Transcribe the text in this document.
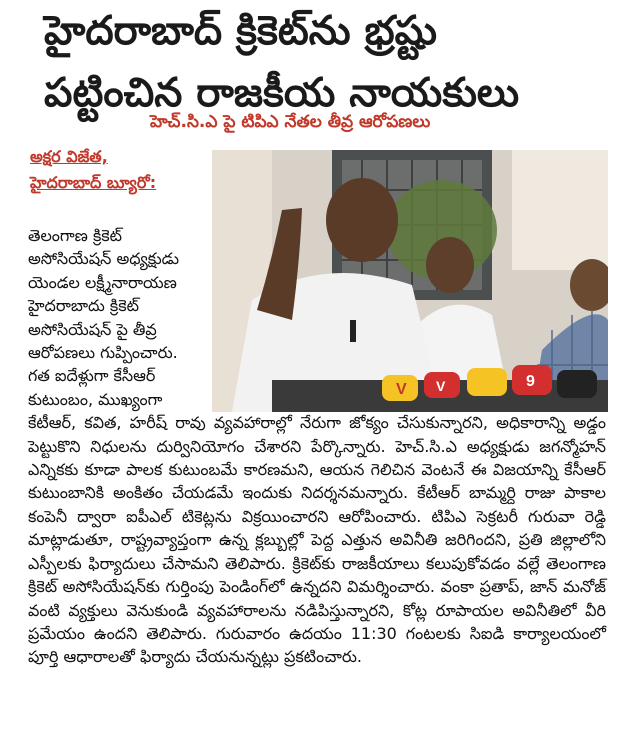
హైదరాబాద్ క్రికెట్‌ను భ్రష్టు
పట్టించిన రాజకీయ నాయకులు
హెచ్.సి.ఎ పై టిపిఎ నేతల తీవ్ర ఆరోపణలు
అక్షర విజేత,
హైదరాబాద్ బ్యూరో:
V V	9

తెలంగాణ క్రికెట్

అసోసియేషన్ అధ్యక్షుడు

యెండల లక్ష్మీనారాయణ

హైదరాబాదు క్రికెట్

అసోసియేషన్ పై తీవ్ర

ఆరోపణలు గుప్పించారు.

గత ఐదేళ్లుగా కేసీఆర్

కుటుంబం, ముఖ్యంగా

కేటీఆర్, కవిత, హరీష్ రావు వ్యవహారాల్లో నేరుగా జోక్యం చేసుకున్నారని, అధికారాన్ని అడ్డం పెట్టుకొని నిధులను దుర్వినియోగం చేశారని పేర్కొన్నారు. హెచ్.సి.ఎ అధ్యక్షుడు జగన్మోహన్ ఎన్నికకు కూడా పాలక కుటుంబమే కారణమని, ఆయన గెలిచిన వెంటనే ఈ విజయాన్ని కేసీఆర్ కుటుంబానికి అంకితం చేయడమే ఇందుకు నిదర్శనమన్నారు. కేటీఆర్ బామ్మర్ది రాజు పాకాల కంపెనీ ద్వారా ఐపీఎల్ టికెట్లను విక్రయించారని ఆరోపించారు. టిపిఎ సెక్రటరీ గురువా రెడ్డి మాట్లాడుతూ, రాష్ట్రవ్యాప్తంగా ఉన్న క్లబ్బుల్లో పెద్ద ఎత్తున అవినీతి జరిగిందని, ప్రతి జిల్లాలోని ఎస్పీలకు ఫిర్యాదులు చేసామని తెలిపారు. క్రికెట్‌కు రాజకీయాలు కలుపుకోవడం వల్లే తెలంగాణ క్రికెట్ అసోసియేషన్‌కు గుర్తింపు పెండింగ్‌లో ఉన్నదని విమర్శించారు. వంకా ప్రతాప్, జాన్ మనోజ్ వంటి వ్యక్తులు వెనుకుండి వ్యవహారాలను నడిపిస్తున్నారని, కోట్ల రూపాయల అవినీతిలో వీరి ప్రమేయం ఉందని తెలిపారు. గురువారం ఉదయం 11:30 గంటలకు సిఐడి కార్యాలయంలో పూర్తి ఆధారాలతో ఫిర్యాదు చేయనున్నట్లు ప్రకటించారు.
